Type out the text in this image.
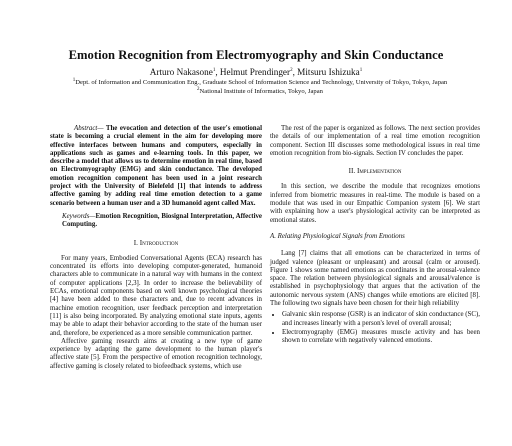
Emotion Recognition from Electromyography and Skin Conductance
Arturo Nakasone$^1$, Helmut Prendinger$^2$, Mitsuru Ishizuka$^1$
$^1$Dept. of Information and Communication Eng., Graduate School of Information Science and Technology, University of Tokyo, Tokyo, Japan
$^2$National Institute of Informatics, Tokyo, Japan

Abstract— The evocation and detection of the user's emotional state is becoming a crucial element in the aim for developing more effective interfaces between humans and computers, especially in applications such as games and e-learning tools. In this paper, we describe a model that allows us to determine emotion in real time, based on Electromyography (EMG) and skin conductance. The developed emotion recognition component has been used in a joint research project with the University of Bielefeld [1] that intends to address affective gaming by adding real time emotion detection to a game scenario between a human user and a 3D humanoid agent called Max.

Keywords—Emotion Recognition, Biosignal Interpretation, Affective Computing.

I. Introduction

For many years, Embodied Conversational Agents (ECA) research has concentrated its efforts into developing computer-generated, humanoid characters able to communicate in a natural way with humans in the context of computer applications [2,3]. In order to increase the believability of ECAs, emotional components based on well known psychological theories [4] have been added to these characters and, due to recent advances in machine emotion recognition, user feedback perception and interpretation [11] is also being incorporated. By analyzing emotional state inputs, agents may be able to adapt their behavior according to the state of the human user and, therefore, be experienced as a more sensible communication partner.

Affective gaming research aims at creating a new type of game experience by adapting the game development to the human player's affective state [5]. From the perspective of emotion recognition technology, affective gaming is closely related to biofeedback systems, which use

The rest of the paper is organized as follows. The next section provides the details of our implementation of a real time emotion recognition component. Section III discusses some methodological issues in real time emotion recognition from bio-signals. Section IV concludes the paper.

II. Implementation

In this section, we describe the module that recognizes emotions inferred from biometric measures in real-time. The module is based on a module that was used in our Empathic Companion system [6]. We start with explaining how a user's physiological activity can be interpreted as emotional states.

A. Relating Physiological Signals from Emotions

Lang [7] claims that all emotions can be characterized in terms of judged valence (pleasant or unpleasant) and arousal (calm or aroused). Figure 1 shows some named emotions as coordinates in the arousal-valence space. The relation between physiological signals and arousal/valence is established in psychophysiology that argues that the activation of the autonomic nervous system (ANS) changes while emotions are elicited [8]. The following two signals have been chosen for their high reliability

• Galvanic skin response (GSR) is an indicator of skin conductance (SC), and increases linearly with a person's level of overall arousal;
• Electromyography (EMG) measures muscle activity and has been shown to correlate with negatively valenced emotions.
